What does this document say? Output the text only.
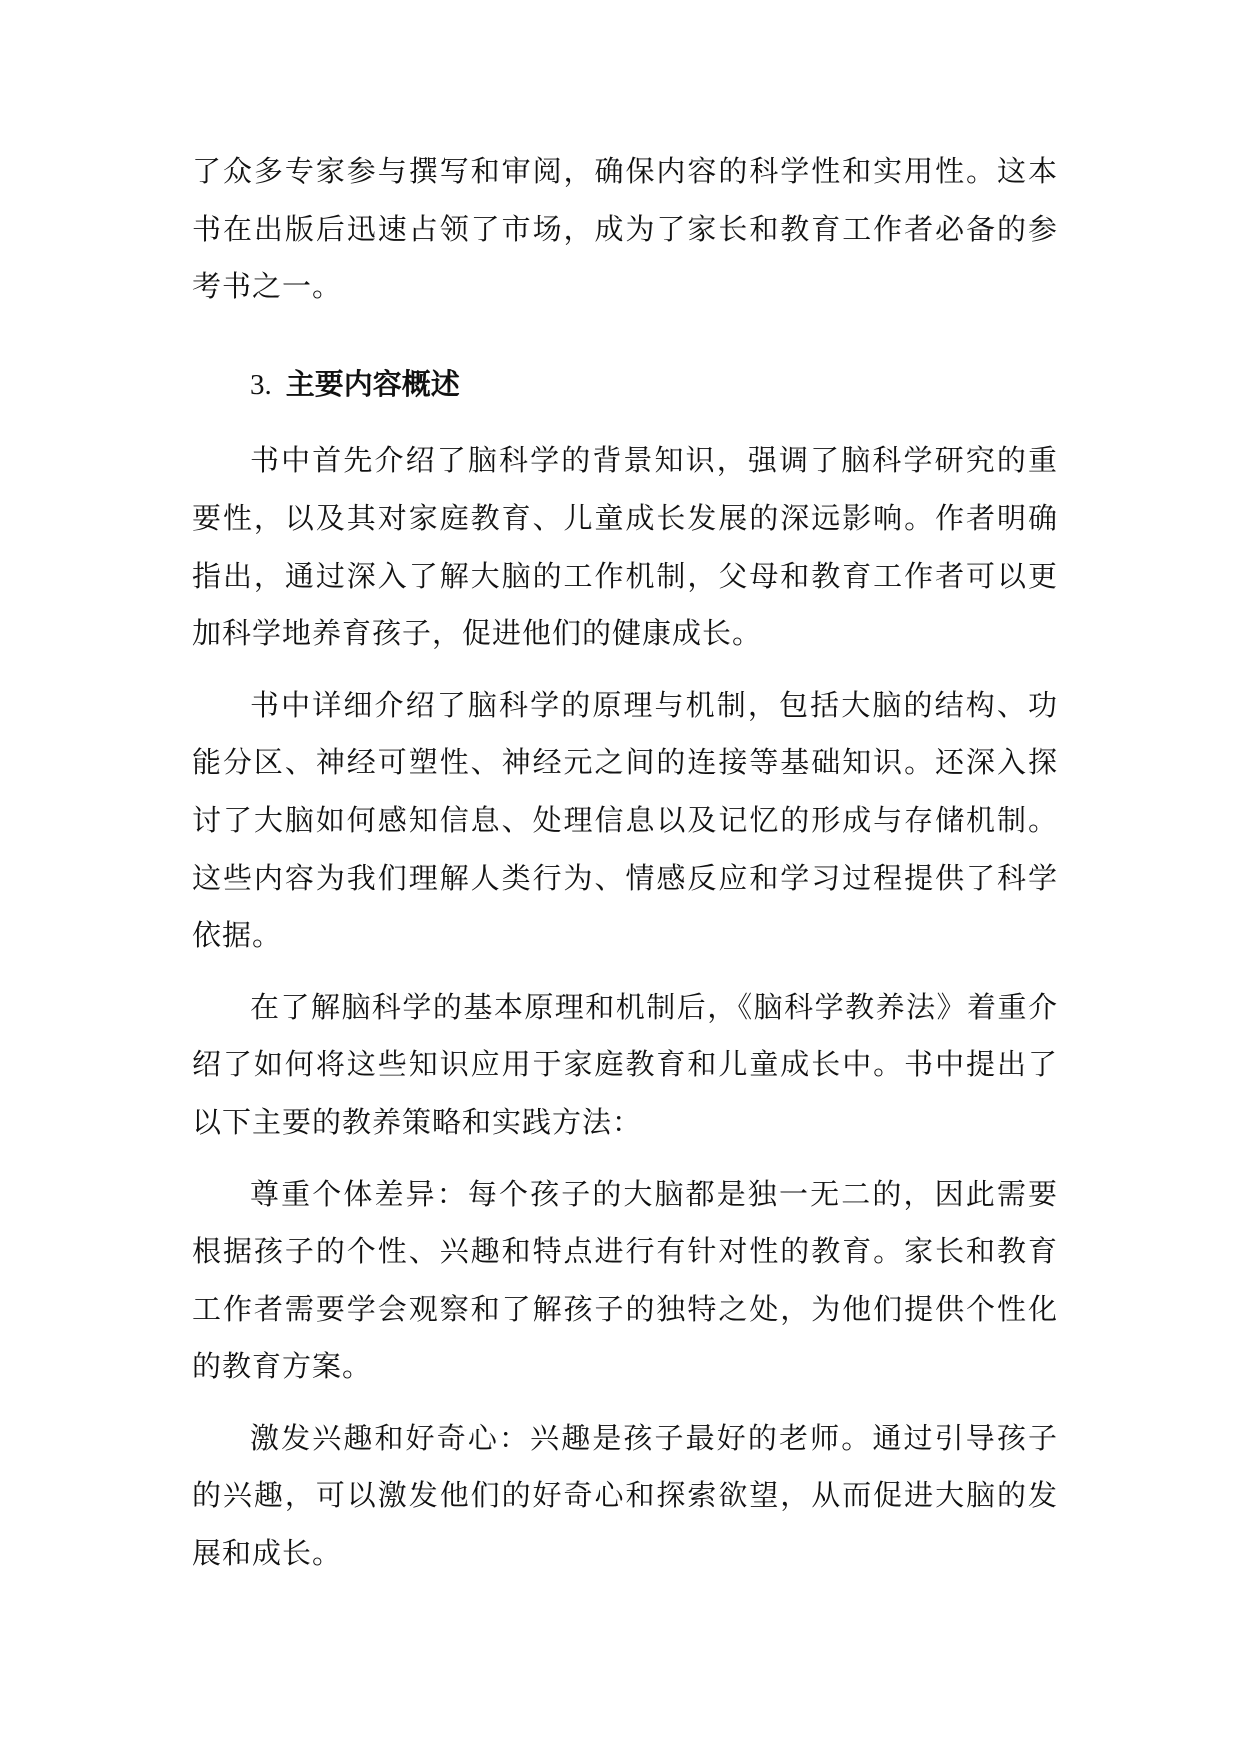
了众多专家参与撰写和审阅，确保内容的科学性和实用性。这本书在出版后迅速占领了市场，成为了家长和教育工作者必备的参考书之一。

3. 主要内容概述

书中首先介绍了脑科学的背景知识，强调了脑科学研究的重要性，以及其对家庭教育、儿童成长发展的深远影响。作者明确指出，通过深入了解大脑的工作机制，父母和教育工作者可以更加科学地养育孩子，促进他们的健康成长。

书中详细介绍了脑科学的原理与机制，包括大脑的结构、功能分区、神经可塑性、神经元之间的连接等基础知识。还深入探讨了大脑如何感知信息、处理信息以及记忆的形成与存储机制。这些内容为我们理解人类行为、情感反应和学习过程提供了科学依据。

在了解脑科学的基本原理和机制后，《脑科学教养法》着重介绍了如何将这些知识应用于家庭教育和儿童成长中。书中提出了以下主要的教养策略和实践方法：

尊重个体差异：每个孩子的大脑都是独一无二的，因此需要根据孩子的个性、兴趣和特点进行有针对性的教育。家长和教育工作者需要学会观察和了解孩子的独特之处，为他们提供个性化的教育方案。

激发兴趣和好奇心：兴趣是孩子最好的老师。通过引导孩子的兴趣，可以激发他们的好奇心和探索欲望，从而促进大脑的发展和成长。
